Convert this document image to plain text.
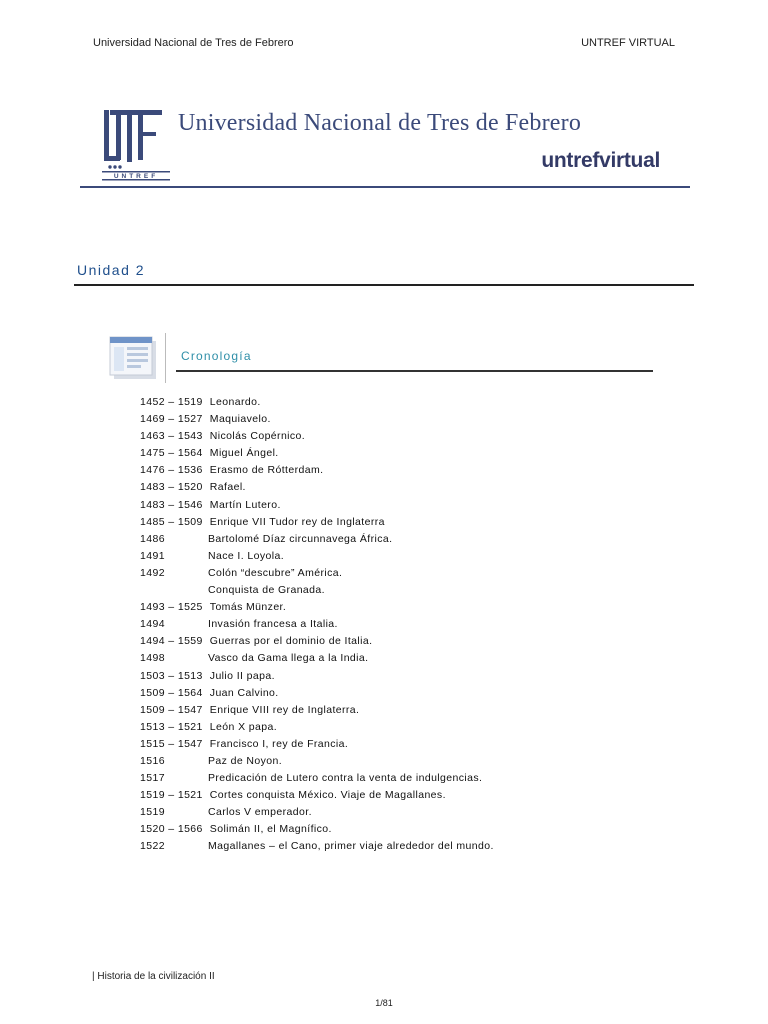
Universidad Nacional de Tres de Febrero	UNTREF VIRTUAL
UNTREF
Universidad Nacional de Tres de Febrero
untrefvirtual
Unidad 2
Cronología
1452 – 1519 Leonardo.
1469 – 1527 Maquiavelo.
1463 – 1543 Nicolás Copérnico.
1475 – 1564 Miguel Ángel.
1476 – 1536 Erasmo de Rótterdam.
1483 – 1520 Rafael.
1483 – 1546 Martín Lutero.
1485 – 1509 Enrique VII Tudor rey de Inglaterra
1486	Bartolomé Díaz circunnavega África.
1491	Nace I. Loyola.
1492	Colón “descubre” América.
Conquista de Granada.
1493 – 1525 Tomás Münzer.
1494	Invasión francesa a Italia.
1494 – 1559 Guerras por el dominio de Italia.
1498	Vasco da Gama llega a la India.
1503 – 1513 Julio II papa.
1509 – 1564 Juan Calvino.
1509 – 1547 Enrique VIII rey de Inglaterra.
1513 – 1521 León X papa.
1515 – 1547 Francisco I, rey de Francia.
1516	Paz de Noyon.
1517	Predicación de Lutero contra la venta de indulgencias.
1519 – 1521 Cortes conquista México. Viaje de Magallanes.
1519	Carlos V emperador.
1520 – 1566 Solimán II, el Magnífico.
1522	Magallanes – el Cano, primer viaje alrededor del mundo.
| Historia de la civilización II
1/81
